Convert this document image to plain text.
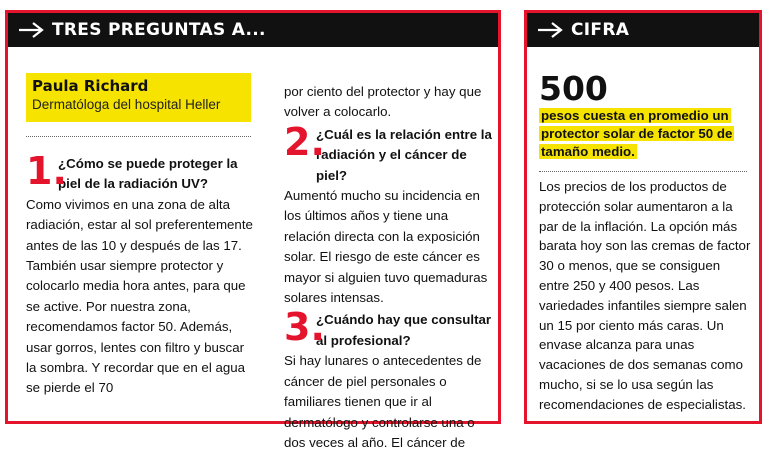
TRES PREGUNTAS A...
Paula Richard
Dermatóloga del hospital Heller
1.
¿Cómo se puede proteger la piel de la radiación UV?
Como vivimos en una zona de alta radiación, estar al sol preferentemente antes de las 10 y después de las 17. También usar siempre protector y colocarlo media hora antes, para que se active. Por nuestra zona, recomendamos factor 50. Además, usar gorros, lentes con filtro y buscar la sombra. Y recordar que en el agua se pierde el 70
por ciento del protector y hay que volver a colocarlo.
2.
¿Cuál es la relación entre la radiación y el cáncer de piel?
Aumentó mucho su incidencia en los últimos años y tiene una relación directa con la exposición solar. El riesgo de este cáncer es mayor si alguien tuvo quemaduras solares intensas.
3.
¿Cuándo hay que consultar al profesional?
Si hay lunares o antecedentes de cáncer de piel personales o familiares tienen que ir al dermatólogo y controlarse una o dos veces al año. El cáncer de
CIFRA
500
pesos cuesta en promedio un protector solar de factor 50 de tamaño medio.
Los precios de los productos de protección solar aumentaron a la par de la inflación. La opción más barata hoy son las cremas de factor 30 o menos, que se consiguen entre 250 y 400 pesos. Las variedades infantiles siempre salen un 15 por ciento más caras. Un envase alcanza para unas vacaciones de dos semanas como mucho, si se lo usa según las recomendaciones de especialistas.
